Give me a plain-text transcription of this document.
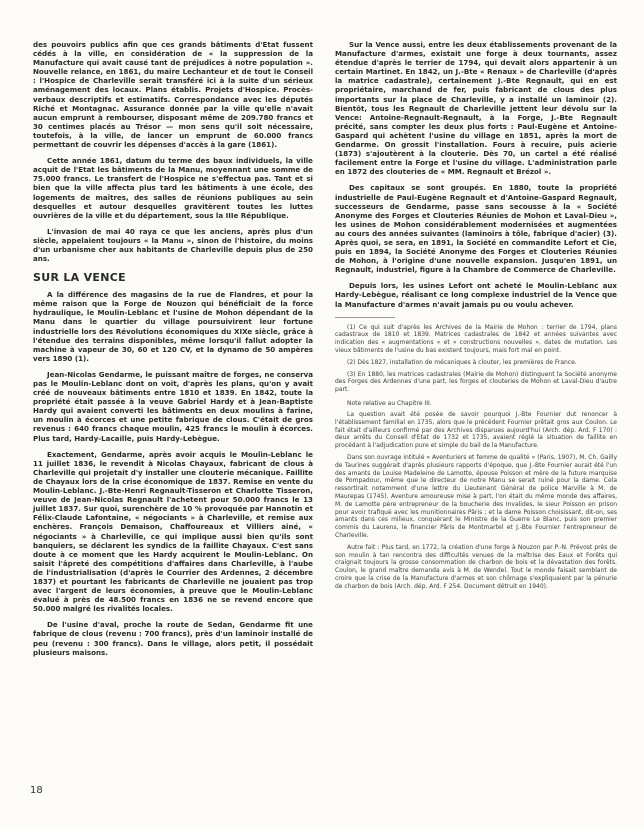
des pouvoirs publics afin que ces grands bâtiments d'Etat fussent cédés à la ville, en considération de « la suppression de la Manufacture qui avait causé tant de préjudices à notre population ». Nouvelle relance, en 1861, du maire Lechanteur et de tout le Conseil : l'Hospice de Charleville serait transféré ici à la suite d'un sérieux aménagement des locaux. Plans établis. Projets d'Hospice. Procès-verbaux descriptifs et estimatifs. Correspondance avec les députés Riché et Montagnac. Assurance donnée par la ville qu'elle n'avait aucun emprunt à rembourser, disposant même de 209.780 francs et 30 centimes placés au Trésor — mon sens qu'il soit nécessaire, toutefois, à la ville, de lancer un emprunt de 60.000 francs permettant de couvrir les dépenses d'accès à la gare (1861).

Cette année 1861, datum du terme des baux individuels, la ville acquit de l'Etat les bâtiments de la Manu, moyennant une somme de 75.000 francs. Le transfert de l'Hospice ne s'effectua pas. Tant et si bien que la ville affecta plus tard les bâtiments à une école, des logements de maîtres, des salles de réunions publiques au sein desquelles et autour desquelles gravitèrent toutes les luttes ouvrières de la ville et du département, sous la IIIe République.

L'invasion de mai 40 raya ce que les anciens, après plus d'un siècle, appelaient toujours « la Manu », sinon de l'histoire, du moins d'un urbanisme cher aux habitants de Charleville depuis plus de 250 ans.

SUR LA VENCE

A la différence des magasins de la rue de Flandres, et pour la même raison que la Forge de Nouzon qui bénéficiait de la force hydraulique, le Moulin-Leblanc et l'usine de Mohon dépendant de la Manu dans le quartier du village poursuivirent leur fortune industrielle lors des Révolutions économiques du XIXe siècle, grâce à l'étendue des terrains disponibles, même lorsqu'il fallut adopter la machine à vapeur de 30, 60 et 120 CV, et la dynamo de 50 ampères vers 1890 (1).

Jean-Nicolas Gendarme, le puissant maître de forges, ne conserva pas le Moulin-Leblanc dont on voit, d'après les plans, qu'on y avait créé de nouveaux bâtiments entre 1810 et 1839. En 1842, toute la propriété était passée à la veuve Gabriel Hardy et à Jean-Baptiste Hardy qui avaient converti les bâtiments en deux moulins à farine, un moulin à écorces et une petite fabrique de clous. C'était de gros revenus : 640 francs chaque moulin, 425 francs le moulin à écorces. Plus tard, Hardy-Lacaille, puis Hardy-Lebègue.

Exactement, Gendarme, après avoir acquis le Moulin-Leblanc le 11 juillet 1836, le revendit à Nicolas Chayaux, fabricant de clous à Charleville qui projetait d'y installer une clouterie mécanique. Faillite de Chayaux lors de la crise économique de 1837. Remise en vente du Moulin-Leblanc. J.-Bte-Henri Regnault-Tisseron et Charlotte Tisseron, veuve de Jean-Nicolas Regnault l'achetent pour 50.000 francs le 13 juillet 1837. Sur quoi, surenchère de 10 % provoquée par Hannotin et Félix-Claude Lafontaine, « négociants » à Charleville, et remise aux enchères. François Demaison, Chaffoureaux et Villiers ainé, « négociants » à Charleville, ce qui implique aussi bien qu'ils sont banquiers, se déclarent les syndics de la faillite Chayaux. C'est sans doute à ce moment que les Hardy acquirent le Moulin-Leblanc. On saisit l'âpreté des compétitions d'affaires dans Charleville, à l'aube de l'industrialisation (d'après le Courrier des Ardennes, 2 décembre 1837) et pourtant les fabricants de Charleville ne jouaient pas trop avec l'argent de leurs économies, à preuve que le Moulin-Leblanc évalué à près de 48.500 francs en 1836 ne se revend encore que 50.000 malgré les rivalités locales.

De l'usine d'aval, proche la route de Sedan, Gendarme fit une fabrique de clous (revenu : 700 francs), près d'un laminoir installé de peu (revenu : 300 francs). Dans le village, alors petit, il possédait plusieurs maisons.

Sur la Vence aussi, entre les deux établissements provenant de la Manufacture d'armes, existait une forge à deux tournants, assez étendue d'après le terrier de 1794, qui devait alors appartenir à un certain Martinet. En 1842, un J.-Bte « Renaux » de Charleville (d'après la matrice cadastrale), certainement J.-Bte Regnault, qui en est propriétaire, marchand de fer, puis fabricant de clous des plus importants sur la place de Charleville, y a installé un laminoir (2). Bientôt, tous les Regnault de Charleville jettent leur dévolu sur la Vence: Antoine-Regnault-Regnault, à la Forge, J.-Bte Regnault précité, sans compter les deux plus forts : Paul-Eugène et Antoine-Gaspard qui achètent l'usine du village en 1851, après la mort de Gendarme. On grossit l'installation. Fours à recuire, puis acierie (1873) s'ajoutèrent à la clouterie. Dès 70, un cartel a été réalisé facilement entre la Forge et l'usine du village. L'administration parle en 1872 des clouteries de « MM. Regnault et Brézol ».

Des capitaux se sont groupés. En 1880, toute la propriété industrielle de Paul-Eugène Regnault et d'Antoine-Gaspard Regnault, successeurs de Gendarme, passe sans secousse à la « Société Anonyme des Forges et Clouteries Réunies de Mohon et Laval-Dieu », les usines de Mohon considérablement modernisées et augmentées au cours des années suivantes (laminoirs à tôle, fabrique d'acier) (3). Après quoi, se sera, en 1891, la Société en commandite Lefort et Cie, puis en 1894, la Société Anonyme des Forges et Clouteries Réunies de Mohon, à l'origine d'une nouvelle expansion. Jusqu'en 1891, un Regnault, industriel, figure à la Chambre de Commerce de Charleville.

Depuis lors, les usines Lefort ont acheté le Moulin-Leblanc aux Hardy-Lebègue, réalisant ce long complexe industriel de la Vence que la Manufacture d'armes n'avait jamais pu ou voulu achever.

(1) Ce qui suit d'après les Archives de la Mairie de Mohon : terrier de 1794, plans cadastraux de 1810 et 1839. Matrices cadastrales de 1842 et années suivantes avec indication des « augmentations » et « constructions nouvelles », dates de mutation. Les vieux bâtiments de l'usine du bas existent toujours, mais fort mal en point.

(2) Dès 1827, installation de mécaniques à clouter, les premières de France.

(3) En 1880, les matrices cadastrales (Mairie de Mohon) distinguent la Société anonyme des Forges des Ardennes d'une part, les forges et clouteries de Mohon et Laval-Dieu d'autre part.

Note relative au Chapitre III.

La question avait été posée de savoir pourquoi J.-Bte Fournier dut renoncer à l'établissement familial en 1735, alors que le précédent Fournier prêtait gros aux Coulon. Le fait était d'ailleurs confirmé par des Archives disparues aujourd'hui (Arch. dép. Ard. F 170) : deux arrêts du Conseil d'Etat de 1732 et 1735, avaient réglé la situation de faillite en procédant à l'adjudication pure et simple du bail de la Manufacture.

Dans son ouvrage intitulé « Aventuriers et femme de qualité » (Paris, 1907), M. Ch. Gailly de Taurines suggérait d'après plusieurs rapports d'époque, que J.-Bte Fournier aurait été l'un des amants de Louise Madeleine de Lamotte, épouse Poisson et mère de la future marquise de Pompadour, même que le directeur de notre Manu se serait ruiné pour la dame. Cela ressortirait notamment d'une lettre du Lieutenant Général de police Marville à M. de Maurepas (1745). Aventure amoureuse mise à part, l'on était du même monde des affaires, M. de Lamotte père entrepreneur de la boucherie des Invalides, le sieur Poisson en prison pour avoir trafiqué avec les munitionnaires Pâris ; et la dame Poisson choisissant, dit-on, ses amants dans ces milieux, conquérant le Ministre de la Guerre Le Blanc, puis son premier commis du Laurens, le financier Pâris de Montmartel et J.-Bte Fournier l'entrepreneur de Charleville.

Autre fait : Plus tard, en 1772, la création d'une forge à Nouzon par P.-N. Prévost près de son moulin à tan rencontra des difficultés venues de la maîtrise des Eaux et Forêts qui craignait toujours la grosse consommation de charbon de bois et la dévastation des forêts. Coulon, le grand maître demanda avis à M. de Wendel. Tout le monde faisait semblant de croire que la crise de la Manufacture d'armes et son chômage s'expliquaient par la pénurie de charbon de bois (Arch. dép. Ard. F 254. Document détruit en 1940).

18
